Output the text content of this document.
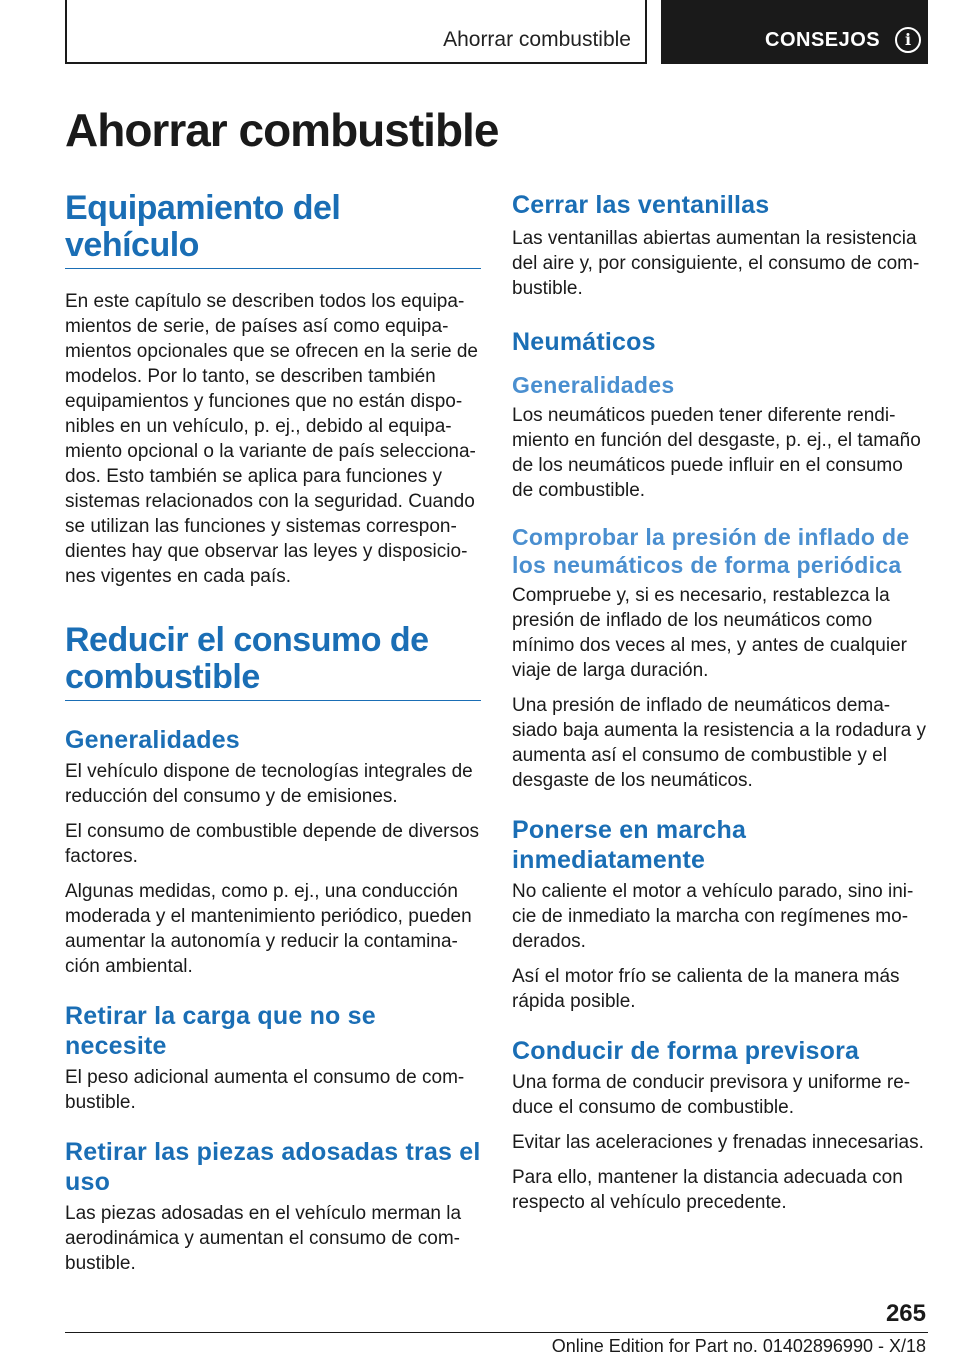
Ahorrar combustible	CONSEJOS	i
Ahorrar combustible
Equipamiento del vehículo

En este capítulo se describen todos los equipamientos de serie, de países así como equipamientos opcionales que se ofrecen en la serie de modelos. Por lo tanto, se describen también equipamientos y funciones que no están disponibles en un vehículo, p. ej., debido al equipamiento opcional o la variante de país seleccionados. Esto también se aplica para funciones y sistemas relacionados con la seguridad. Cuando se utilizan las funciones y sistemas correspondientes hay que observar las leyes y disposiciones vigentes en cada país.

Reducir el consumo de combustible
Generalidades

El vehículo dispone de tecnologías integrales de reducción del consumo y de emisiones.

El consumo de combustible depende de diversos factores.

Algunas medidas, como p. ej., una conducción moderada y el mantenimiento periódico, pueden aumentar la autonomía y reducir la contaminación ambiental.

Retirar la carga que no se necesite

El peso adicional aumenta el consumo de combustible.

Retirar las piezas adosadas tras el uso

Las piezas adosadas en el vehículo merman la aerodinámica y aumentan el consumo de combustible.

Cerrar las ventanillas

Las ventanillas abiertas aumentan la resistencia del aire y, por consiguiente, el consumo de combustible.

Neumáticos
Generalidades

Los neumáticos pueden tener diferente rendimiento en función del desgaste, p. ej., el tamaño de los neumáticos puede influir en el consumo de combustible.

Comprobar la presión de inflado de los neumáticos de forma periódica

Compruebe y, si es necesario, restablezca la presión de inflado de los neumáticos como mínimo dos veces al mes, y antes de cualquier viaje de larga duración.

Una presión de inflado de neumáticos demasiado baja aumenta la resistencia a la rodadura y aumenta así el consumo de combustible y el desgaste de los neumáticos.

Ponerse en marcha inmediatamente

No caliente el motor a vehículo parado, sino inicie de inmediato la marcha con regímenes moderados.

Así el motor frío se calienta de la manera más rápida posible.

Conducir de forma previsora

Una forma de conducir previsora y uniforme reduce el consumo de combustible.

Evitar las aceleraciones y frenadas innecesarias.

Para ello, mantener la distancia adecuada con respecto al vehículo precedente.

265
Online Edition for Part no. 01402896990 - X/18
